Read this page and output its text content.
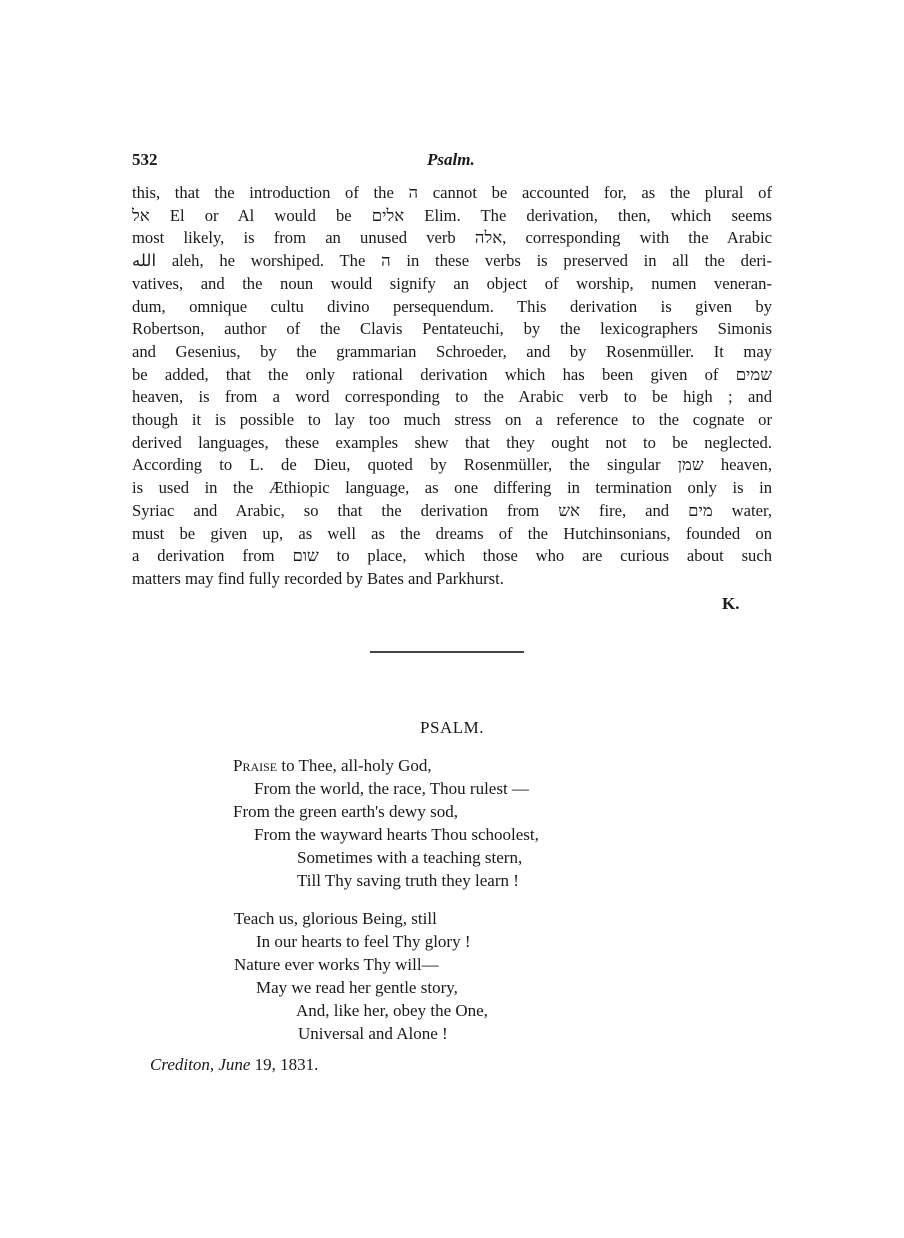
532	Psalm.
this, that the introduction of the ה cannot be accounted for, as the plural of
אל El or Al would be אלים Elim. The derivation, then, which seems
most likely, is from an unused verb אלה, corresponding with the Arabic
الله aleh, he worshiped. The ה in these verbs is preserved in all the deri-
vatives, and the noun would signify an object of worship, numen veneran-
dum, omnique cultu divino persequendum. This derivation is given by
Robertson, author of the Clavis Pentateuchi, by the lexicographers Simonis
and Gesenius, by the grammarian Schroeder, and by Rosenmüller. It may
be added, that the only rational derivation which has been given of שמים
heaven, is from a word corresponding to the Arabic verb to be high ; and
though it is possible to lay too much stress on a reference to the cognate or
derived languages, these examples shew that they ought not to be neglected.
According to L. de Dieu, quoted by Rosenmüller, the singular שמן heaven,
is used in the Æthiopic language, as one differing in termination only is in
Syriac and Arabic, so that the derivation from אש fire, and מים water,
must be given up, as well as the dreams of the Hutchinsonians, founded on
a derivation from שום to place, which those who are curious about such
matters may find fully recorded by Bates and Parkhurst.
K.
PSALM.
Praise to Thee, all-holy God,
From the world, the race, Thou rulest —
From the green earth's dewy sod,
From the wayward hearts Thou schoolest,
Sometimes with a teaching stern,
Till Thy saving truth they learn !
Teach us, glorious Being, still
In our hearts to feel Thy glory !
Nature ever works Thy will—
May we read her gentle story,
And, like her, obey the One,
Universal and Alone !
Crediton, June 19, 1831.
